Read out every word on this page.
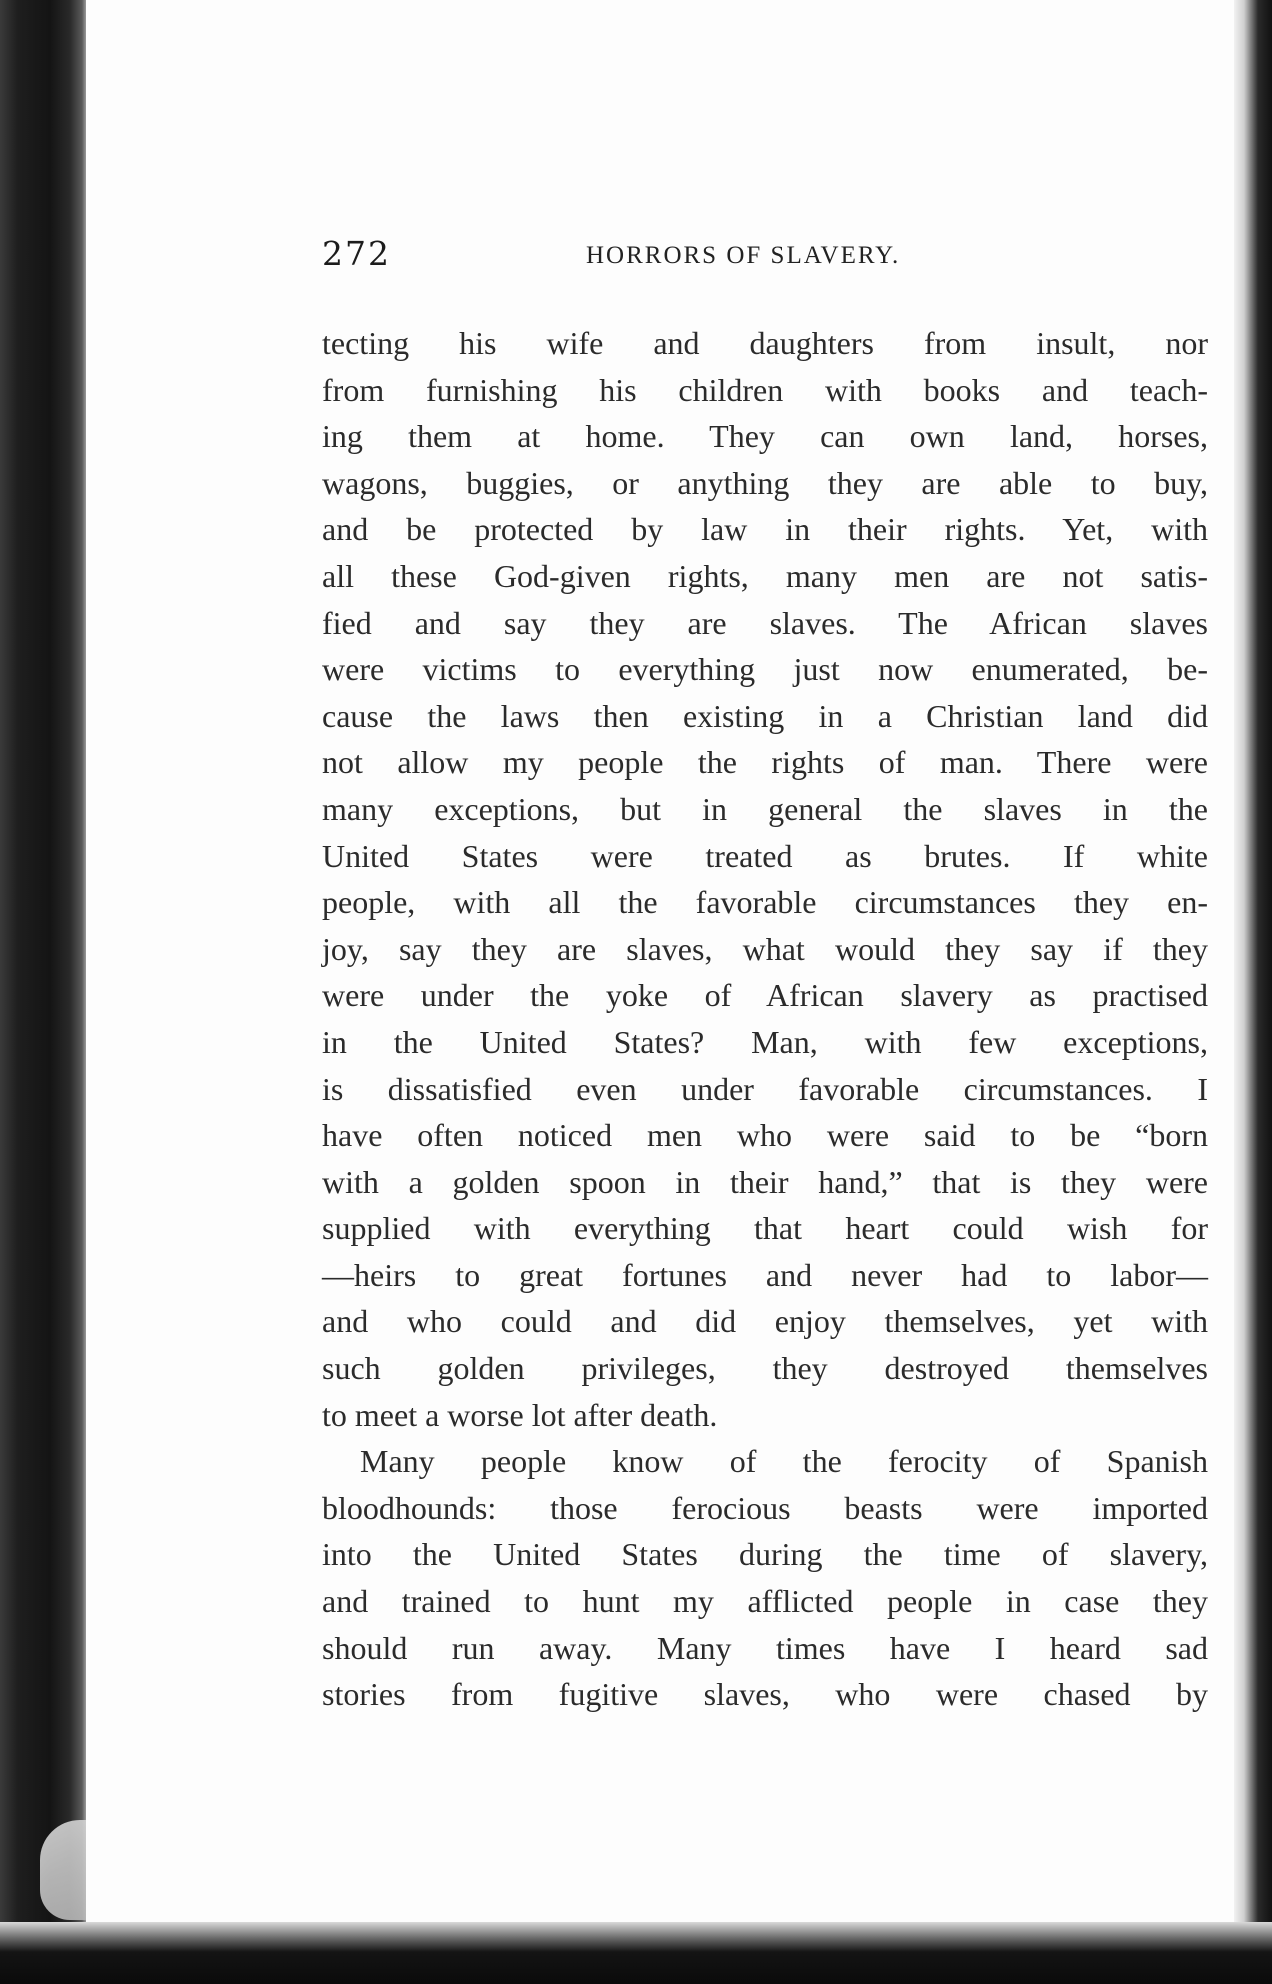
272	HORRORS OF SLAVERY.
tecting his wife and daughters from insult, nor
from furnishing his children with books and teach-
ing them at home. They can own land, horses,
wagons, buggies, or anything they are able to buy,
and be protected by law in their rights. Yet, with
all these God-given rights, many men are not satis-
fied and say they are slaves. The African slaves
were victims to everything just now enumerated, be-
cause the laws then existing in a Christian land did
not allow my people the rights of man. There were
many exceptions, but in general the slaves in the
United States were treated as brutes. If white
people, with all the favorable circumstances they en-
joy, say they are slaves, what would they say if they
were under the yoke of African slavery as practised
in the United States? Man, with few exceptions,
is dissatisfied even under favorable circumstances. I
have often noticed men who were said to be “born
with a golden spoon in their hand,” that is they were
supplied with everything that heart could wish for
—heirs to great fortunes and never had to labor—
and who could and did enjoy themselves, yet with
such golden privileges, they destroyed themselves
to meet a worse lot after death.
Many people know of the ferocity of Spanish
bloodhounds: those ferocious beasts were imported
into the United States during the time of slavery,
and trained to hunt my afflicted people in case they
should run away. Many times have I heard sad
stories from fugitive slaves, who were chased by
